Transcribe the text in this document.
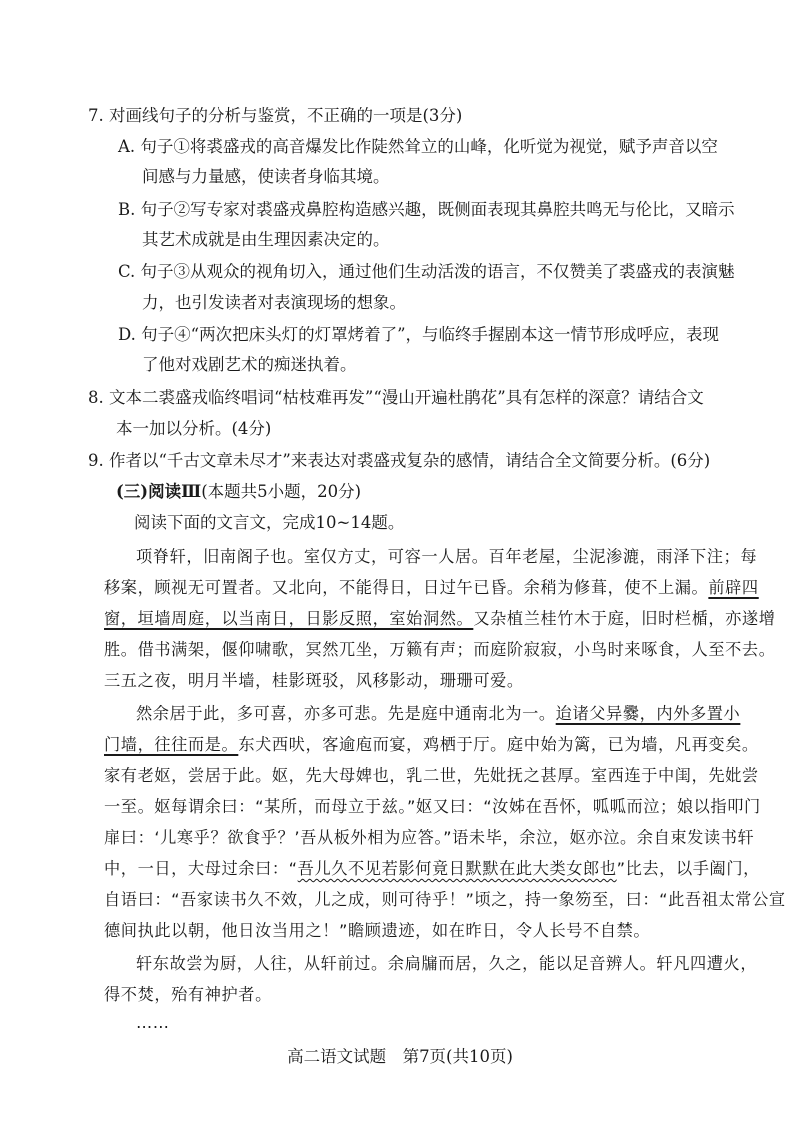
7. 对画线句子的分析与鉴赏，不正确的一项是(3分)
A. 句子①将裘盛戎的高音爆发比作陡然耸立的山峰，化听觉为视觉，赋予声音以空
间感与力量感，使读者身临其境。
B. 句子②写专家对裘盛戎鼻腔构造感兴趣，既侧面表现其鼻腔共鸣无与伦比，又暗示
其艺术成就是由生理因素决定的。
C. 句子③从观众的视角切入，通过他们生动活泼的语言，不仅赞美了裘盛戎的表演魅
力，也引发读者对表演现场的想象。
D. 句子④“两次把床头灯的灯罩烤着了”，与临终手握剧本这一情节形成呼应，表现
了他对戏剧艺术的痴迷执着。
8. 文本二裘盛戎临终唱词“枯枝难再发”“漫山开遍杜鹃花”具有怎样的深意？请结合文
本一加以分析。(4分)
9. 作者以“千古文章未尽才”来表达对裘盛戎复杂的感情，请结合全文简要分析。(6分)
(三)阅读Ⅲ(本题共5小题，20分)
阅读下面的文言文，完成10~14题。
项脊轩，旧南阁子也。室仅方丈，可容一人居。百年老屋，尘泥渗漉，雨泽下注；每
移案，顾视无可置者。又北向，不能得日，日过午已昏。余稍为修葺，使不上漏。前辟四
窗，垣墙周庭，以当南日，日影反照，室始洞然。又杂植兰桂竹木于庭，旧时栏楯，亦遂增
胜。借书满架，偃仰啸歌，冥然兀坐，万籁有声；而庭阶寂寂，小鸟时来啄食，人至不去。
三五之夜，明月半墙，桂影斑驳，风移影动，珊珊可爱。
然余居于此，多可喜，亦多可悲。先是庭中通南北为一。迨诸父异爨，内外多置小
门墙，往往而是。东犬西吠，客逾庖而宴，鸡栖于厅。庭中始为篱，已为墙，凡再变矣。
家有老妪，尝居于此。妪，先大母婢也，乳二世，先妣抚之甚厚。室西连于中闺，先妣尝
一至。妪每谓余曰：“某所，而母立于兹。”妪又曰：“汝姊在吾怀，呱呱而泣；娘以指叩门
扉曰：‘儿寒乎？欲食乎？’吾从板外相为应答。”语未毕，余泣，妪亦泣。余自束发读书轩
中，一日，大母过余曰：“吾儿久不见若影何竟日默默在此大类女郎也”比去，以手阖门，
自语曰：“吾家读书久不效，儿之成，则可待乎！”顷之，持一象笏至，曰：“此吾祖太常公宣
德间执此以朝，他日汝当用之！”瞻顾遗迹，如在昨日，令人长号不自禁。
轩东故尝为厨，人往，从轩前过。余扃牖而居，久之，能以足音辨人。轩凡四遭火，
得不焚，殆有神护者。
……
高二语文试题　第7页(共10页)
